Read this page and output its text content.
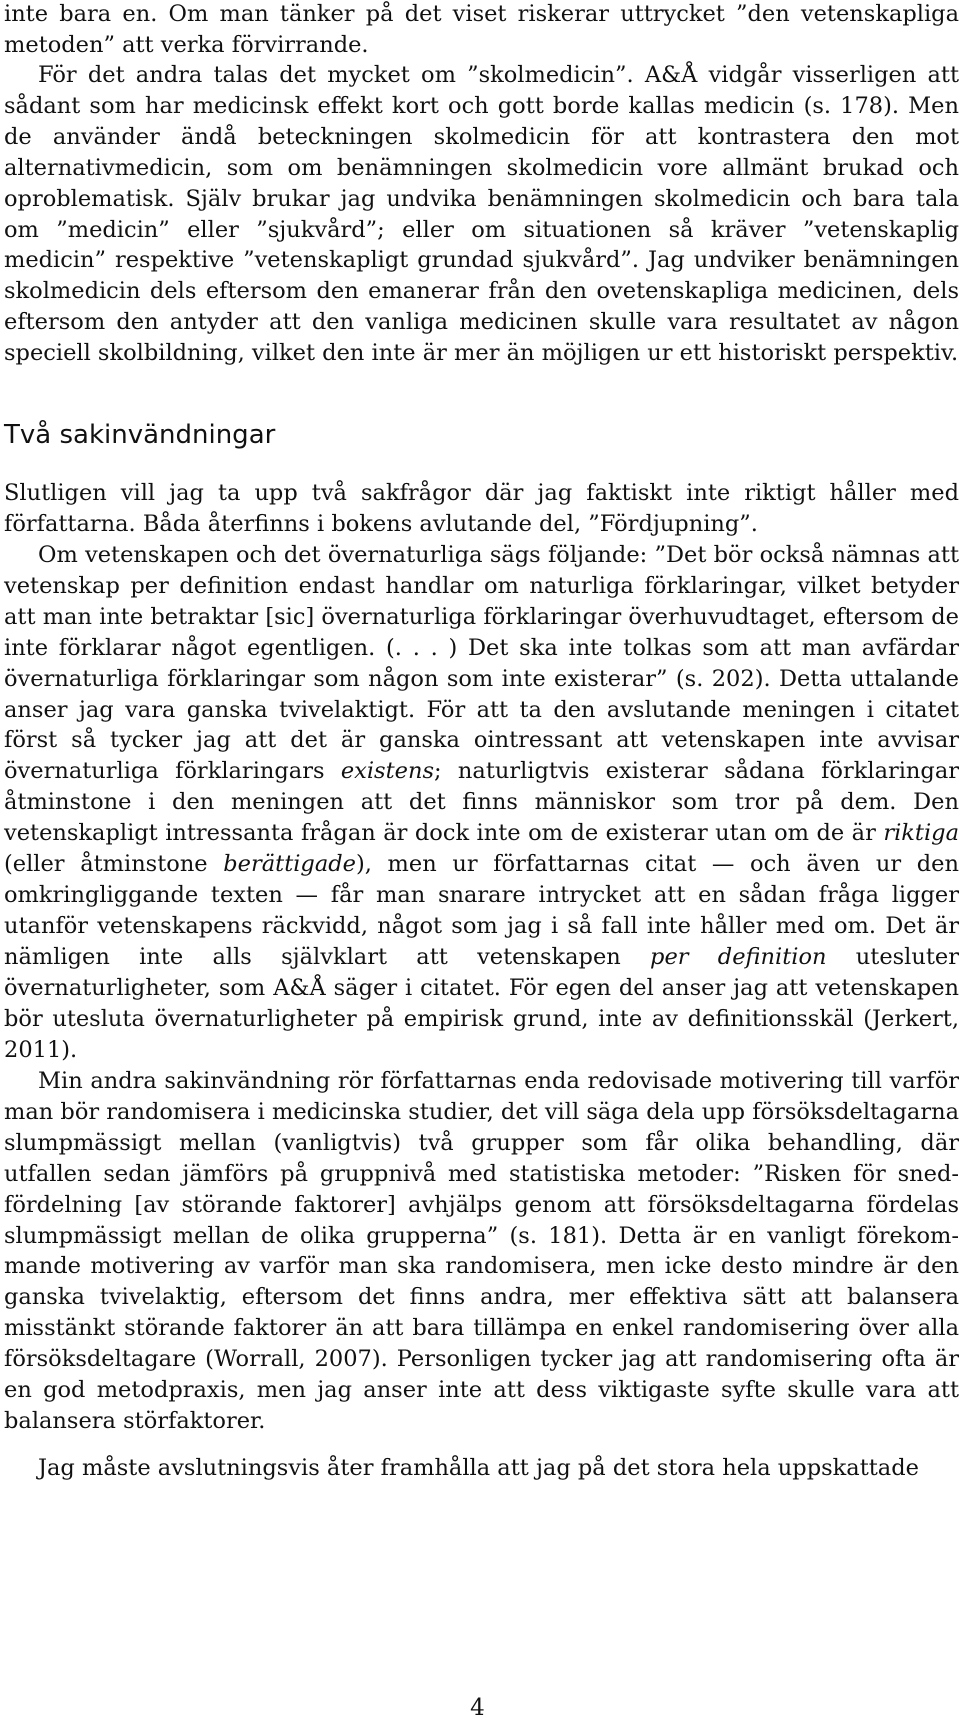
inte bara en. Om man tänker på det viset riskerar uttrycket ”den vetenskapliga metoden” att verka förvirrande.

För det andra talas det mycket om ”skolmedicin”. A&Å vidgår visserligen att sådant som har medicinsk effekt kort och gott borde kallas medicin (s. 178). Men de använder ändå beteckningen skolmedicin för att kontrastera den mot alternativmedicin, som om benämningen skolmedicin vore allmänt brukad och oproblematisk. Själv brukar jag undvika benämningen skolmedicin och bara tala om ”medicin” eller ”sjukvård”; eller om situationen så kräver ”vetenskaplig medicin” respektive ”vetenskapligt grundad sjukvård”. Jag undviker benämningen skolmedicin dels eftersom den emanerar från den ovetenskapliga medicinen, dels eftersom den antyder att den vanliga medicinen skulle vara resultatet av någon speciell skolbildning, vilket den inte är mer än möjligen ur ett historiskt perspektiv.

Två sakinvändningar

Slutligen vill jag ta upp två sakfrågor där jag faktiskt inte riktigt håller med författarna. Båda återfinns i bokens avlutande del, ”Fördjupning”.

Om vetenskapen och det övernaturliga sägs följande: ”Det bör också nämnas att vetenskap per definition endast handlar om naturliga förklaringar, vilket betyder att man inte betraktar [sic] övernaturliga förklaringar överhuvudtaget, eftersom de inte förklarar något egentligen. (. . . ) Det ska inte tolkas som att man avfärdar övernaturliga förklaringar som någon som inte existerar” (s. 202). Detta uttalande anser jag vara ganska tvivelaktigt. För att ta den avslutande meningen i citatet först så tycker jag att det är ganska ointressant att vetenskapen inte avvisar övernaturliga förklaringars existens; naturligtvis existerar sådana förklaringar åtminstone i den meningen att det finns människor som tror på dem. Den vetenskapligt intressanta frågan är dock inte om de existerar utan om de är riktiga (eller åtminstone berättigade), men ur författarnas citat — och även ur den omkringliggande texten — får man snarare intrycket att en sådan fråga ligger utanför vetenskapens räckvidd, något som jag i så fall inte håller med om. Det är nämligen inte alls självklart att vetenskapen per definition utesluter övernaturligheter, som A&Å säger i citatet. För egen del anser jag att vetenskapen bör utesluta övernaturligheter på empirisk grund, inte av definitionsskäl (Jerkert, 2011).

Min andra sakinvändning rör författarnas enda redovisade motivering till varför man bör randomisera i medicinska studier, det vill säga dela upp försöksdeltagarna slumpmässigt mellan (vanligtvis) två grupper som får olika behandling, där utfallen sedan jämförs på gruppnivå med statistiska metoder: ”Risken för snedfördelning [av störande faktorer] avhjälps genom att försöksdeltagarna fördelas slumpmässigt mellan de olika grupperna” (s. 181). Detta är en vanligt förekommande motivering av varför man ska randomisera, men icke desto mindre är den ganska tvivelaktig, eftersom det finns andra, mer effektiva sätt att balansera misstänkt störande faktorer än att bara tillämpa en enkel randomisering över alla försöksdeltagare (Worrall, 2007). Personligen tycker jag att randomisering ofta är en god metodpraxis, men jag anser inte att dess viktigaste syfte skulle vara att balansera störfaktorer.

Jag måste avslutningsvis åter framhålla att jag på det stora hela uppskattade

4
